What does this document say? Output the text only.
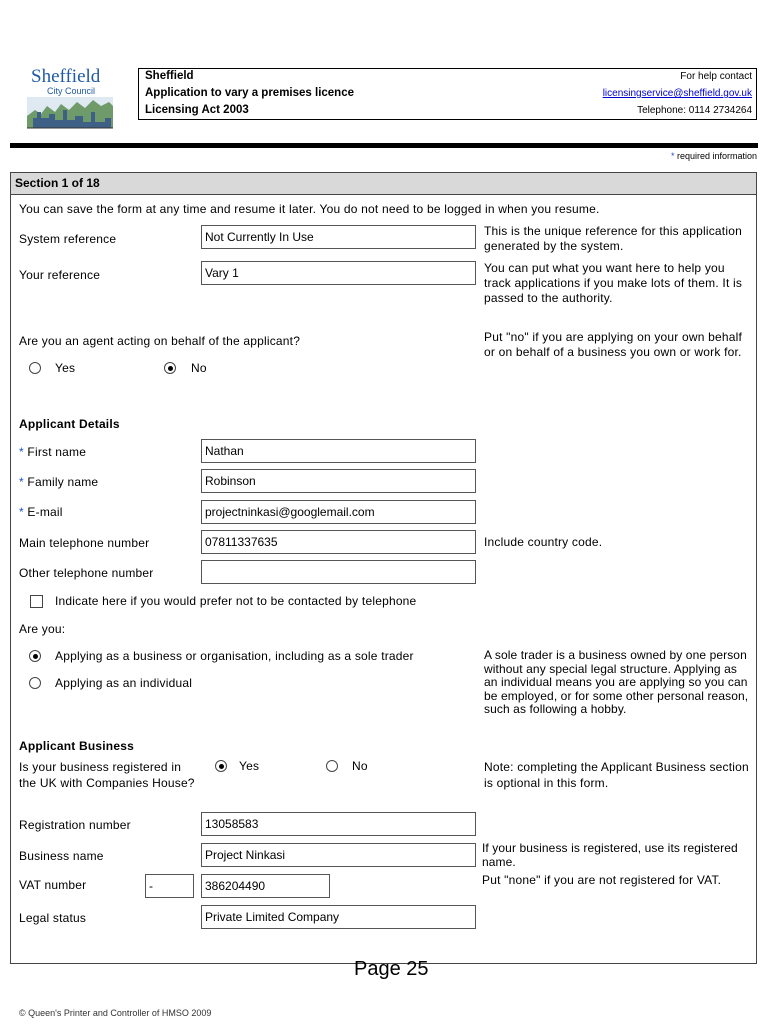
Sheffield
City Council
Sheffield
Application to vary a premises licence
Licensing Act 2003
For help contact
licensingservice@sheffield.gov.uk
Telephone: 0114 2734264
* required information
Section 1 of 18
You can save the form at any time and resume it later. You do not need to be logged in when you resume.
System reference	Not Currently In Use	This is the unique reference for this application generated by the system.
Your reference	Vary 1	You can put what you want here to help you track applications if you make lots of them. It is passed to the authority.
Are you an agent acting on behalf of the applicant?
Yes	No
Put "no" if you are applying on your own behalf or on behalf of a business you own or work for.
Applicant Details
* First name	Nathan
* Family name	Robinson
* E-mail	projectninkasi@googlemail.com
Main telephone number	07811337635	Include country code.
Other telephone number
Indicate here if you would prefer not to be contacted by telephone
Are you:
Applying as a business or organisation, including as a sole trader
Applying as an individual
A sole trader is a business owned by one person without any special legal structure. Applying as an individual means you are applying so you can be employed, or for some other personal reason, such as following a hobby.
Applicant Business
Is your business registered in the UK with Companies House?
Yes	No	Note: completing the Applicant Business section is optional in this form.
Registration number	13058583
Business name	Project Ninkasi	If your business is registered, use its registered name.
VAT number	-	386204490	Put "none" if you are not registered for VAT.
Legal status	Private Limited Company
Page 25
© Queen's Printer and Controller of HMSO 2009
